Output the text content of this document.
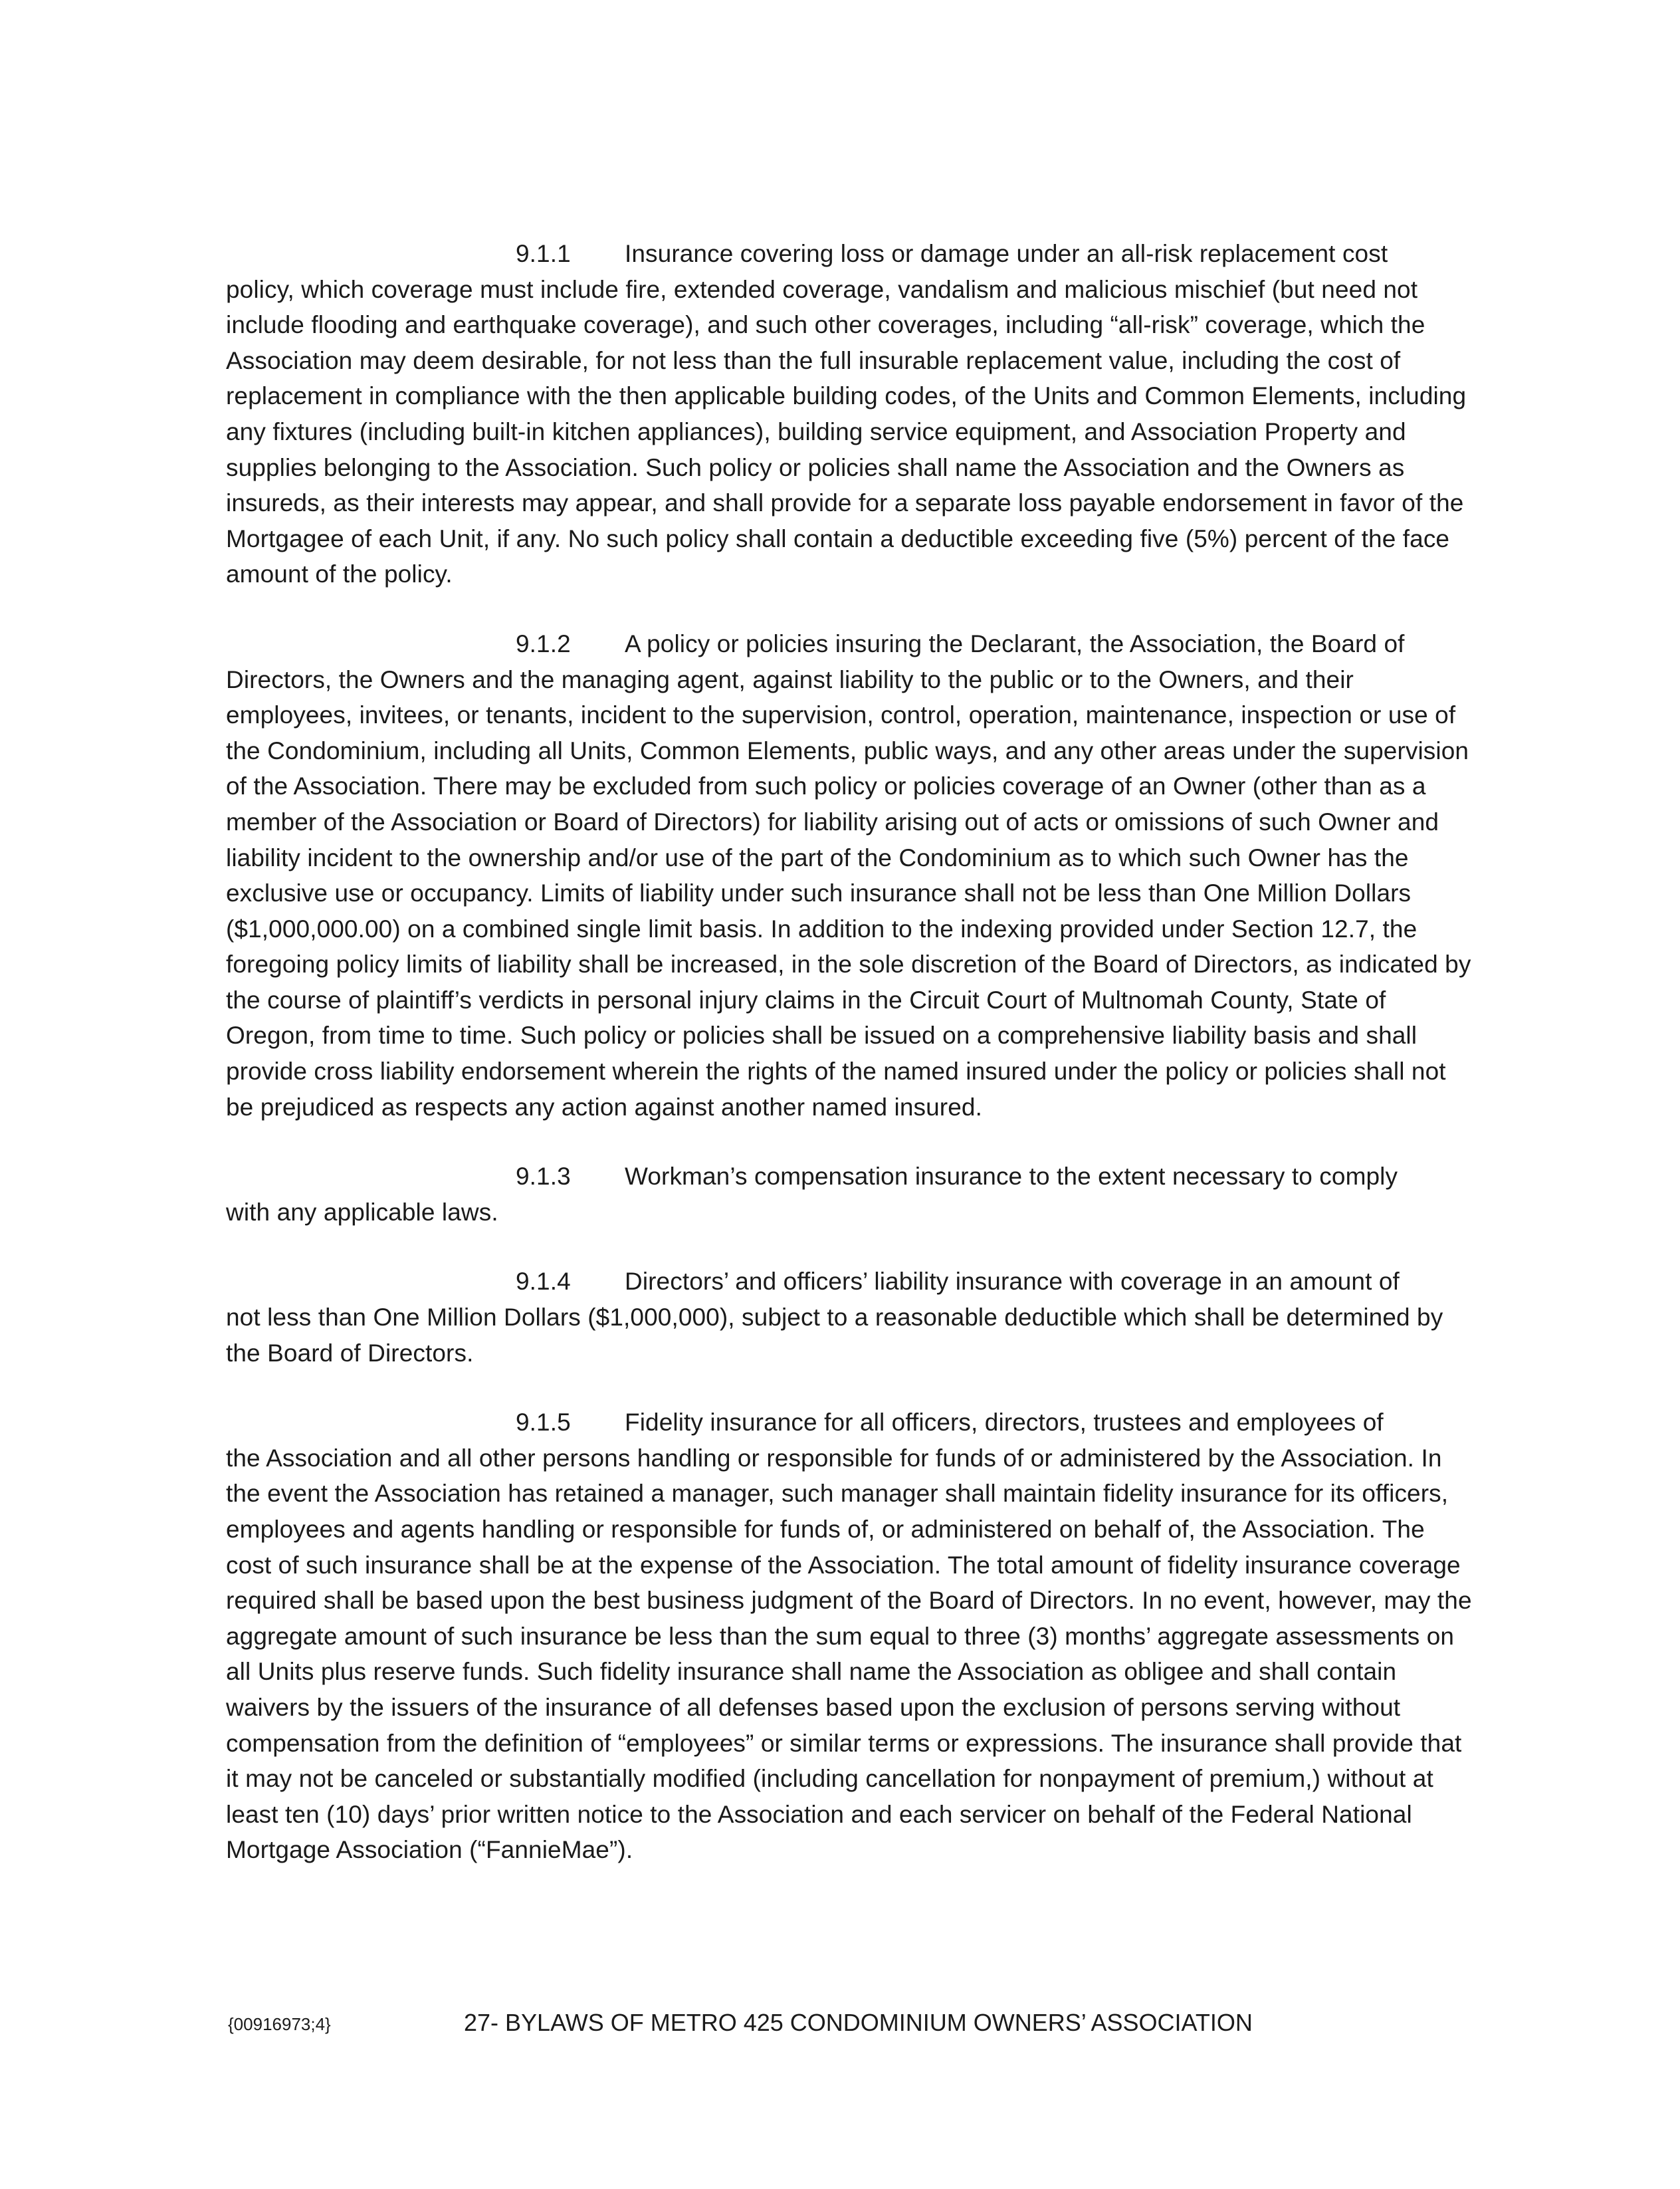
9.1.1 Insurance covering loss or damage under an all-risk replacement cost
policy, which coverage must include fire, extended coverage, vandalism and malicious mischief (but need not include flooding and earthquake coverage), and such other coverages, including “all-risk” coverage, which the Association may deem desirable, for not less than the full insurable replacement value, including the cost of replacement in compliance with the then applicable building codes, of the Units and Common Elements, including any fixtures (including built-in kitchen appliances), building service equipment, and Association Property and supplies belonging to the Association. Such policy or policies shall name the Association and the Owners as insureds, as their interests may appear, and shall provide for a separate loss payable endorsement in favor of the Mortgagee of each Unit, if any. No such policy shall contain a deductible exceeding five (5%) percent of the face amount of the policy.

9.1.2 A policy or policies insuring the Declarant, the Association, the Board of
Directors, the Owners and the managing agent, against liability to the public or to the Owners, and their employees, invitees, or tenants, incident to the supervision, control, operation, maintenance, inspection or use of the Condominium, including all Units, Common Elements, public ways, and any other areas under the supervision of the Association. There may be excluded from such policy or policies coverage of an Owner (other than as a member of the Association or Board of Directors) for liability arising out of acts or omissions of such Owner and liability incident to the ownership and/or use of the part of the Condominium as to which such Owner has the exclusive use or occupancy. Limits of liability under such insurance shall not be less than One Million Dollars ($1,000,000.00) on a combined single limit basis. In addition to the indexing provided under Section 12.7, the foregoing policy limits of liability shall be increased, in the sole discretion of the Board of Directors, as indicated by the course of plaintiff’s verdicts in personal injury claims in the Circuit Court of Multnomah County, State of Oregon, from time to time. Such policy or policies shall be issued on a comprehensive liability basis and shall provide cross liability endorsement wherein the rights of the named insured under the policy or policies shall not be prejudiced as respects any action against another named insured.

9.1.3 Workman’s compensation insurance to the extent necessary to comply
with any applicable laws.

9.1.4 Directors’ and officers’ liability insurance with coverage in an amount of
not less than One Million Dollars ($1,000,000), subject to a reasonable deductible which shall be determined by the Board of Directors.

9.1.5 Fidelity insurance for all officers, directors, trustees and employees of
the Association and all other persons handling or responsible for funds of or administered by the Association. In the event the Association has retained a manager, such manager shall maintain fidelity insurance for its officers, employees and agents handling or responsible for funds of, or administered on behalf of, the Association. The cost of such insurance shall be at the expense of the Association. The total amount of fidelity insurance coverage required shall be based upon the best business judgment of the Board of Directors. In no event, however, may the aggregate amount of such insurance be less than the sum equal to three (3) months’ aggregate assessments on all Units plus reserve funds. Such fidelity insurance shall name the Association as obligee and shall contain waivers by the issuers of the insurance of all defenses based upon the exclusion of persons serving without compensation from the definition of “employees” or similar terms or expressions. The insurance shall provide that it may not be canceled or substantially modified (including cancellation for nonpayment of premium,) without at least ten (10) days’ prior written notice to the Association and each servicer on behalf of the Federal National Mortgage Association (“FannieMae”).

{00916973;4}	27- BYLAWS OF METRO 425 CONDOMINIUM OWNERS’ ASSOCIATION
